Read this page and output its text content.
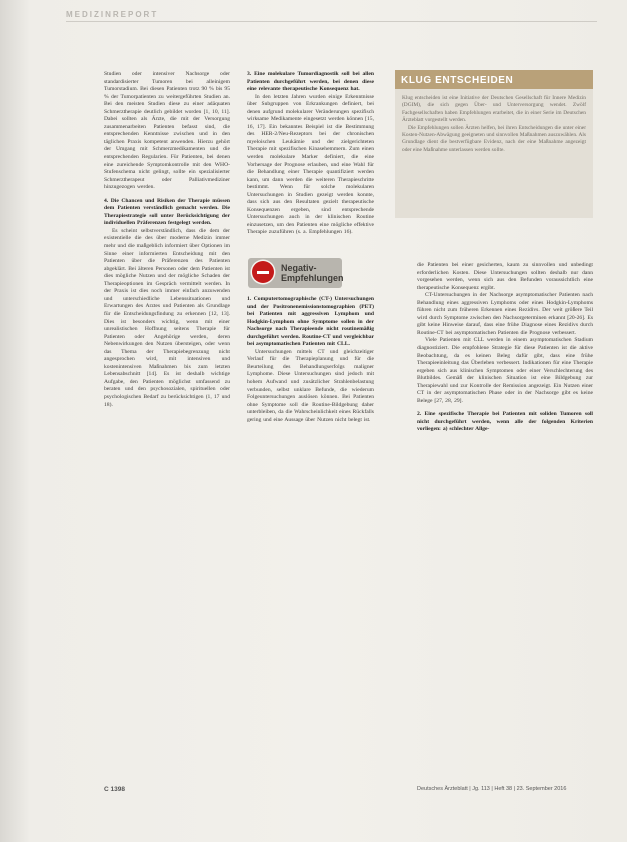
MEDIZINREPORT

Studien oder intensiver Nachsorge oder standardisierter Tumoren bei alleinigem Tumorstadium. Bei diesen Patienten trotz 90 % bis 95 % der Tumorpatienten zu weitergeführten Studien an. Bei den meisten Studien diese zu einer adäquaten Schmerztherapie deutlich gebildet worden [1, 10, 11]. Dabei sollten als Ärzte, die mit der Versorgung zusammenarbeiten Patienten befasst sind, die entsprechenden Kenntnisse zwischen und in den täglichen Praxis kompetent anwenden. Hierzu gehört der Umgang mit Schmerzmedikamenten und die entsprechenden Regularien. Für Patienten, bei denen eine zureichende Symptomkontrolle mit den WHO-Stufenschema nicht gelingt, sollte ein spezialisierter Schmerztherapeut oder Palliativmediziner hinzugezogen werden.

4. Die Chancen und Risiken der Therapie müssen dem Patienten verständlich gemacht werden. Die Therapiestrategie soll unter Berücksichtigung der individuellen Präferenzen festgelegt werden.

Es scheint selbstverständlich, dass die dem der existentielle die des über moderne Medizin immer mehr und die maßgeblich informiert über Optionen im Sinne einer informierten Entscheidung mit den Patienten über die Präferenzen des Patienten abgeklärt. Bei älteren Personen oder dem Patienten ist dies mögliche Nutzen und der mögliche Schaden der Therapieoptionen im Gespräch vermittelt werden. In der Praxis ist dies noch immer einfach anzuwenden und unterschiedliche Lebenssituationen und Erwartungen des Arztes und Patienten als Grundlage für die Entscheidungsfindung zu erkennen [12, 13]. Dies ist besonders wichtig, wenn mit einer unrealistischen Hoffnung seitens Therapie für Patienten oder Angehörige werden, deren Nebenwirkungen den Nutzen übersteigen, oder wenn das Thema der Therapiebegrenzung nicht angesprochen wird, mit intensiven und kostenintensiven Maßnahmen bis zum letzten Lebensabschnitt [14]. Es ist deshalb wichtige Aufgabe, den Patienten möglichst umfassend zu beraten und den psychosozialen, spirituellen oder psychologischen Bedarf zu berücksichtigen (1, 17 und 18).

3. Eine molekulare Tumordiagnostik soll bei allen Patienten durchgeführt werden, bei denen diese eine relevante therapeutische Konsequenz hat.

In den letzten Jahren wurden einige Erkenntnisse über Subgruppen von Erkrankungen definiert, bei denen aufgrund molekularer Veränderungen spezifisch wirksame Medikamente eingesetzt werden können [15, 16, 17]. Ein bekanntes Beispiel ist die Bestimmung des HER-2/Neu-Rezeptors bei der chronischen myeloischen Leukämie und der zielgerichteten Therapie mit spezifischen Kinasehemmern. Zum einen werden molekulare Marker definiert, die eine Vorhersage der Prognose erlauben, und eine Wahl für die Behandlung einer Therapie quantifiziert werden kann, um dann werden die weiteren Therapieschritte bestimmt. Wenn für solche molekularen Untersuchungen in Studien gezeigt werden konnte, dass sich aus den Resultaten gezielt therapeutische Konsequenzen ergeben, sind entsprechende Untersuchungen auch in der klinischen Routine einzusetzen, um den Patienten eine mögliche effektive Therapie zuzuführen (s. a. Empfehlungen 16).

Negativ-
Empfehlungen

1. Computertomographische (CT-) Untersuchungen und der Positronenemissionstomographien (PET) bei Patienten mit aggressiven Lymphom und Hodgkin-Lymphom ohne Symptome sollen in der Nachsorge nach Therapieende nicht routinemäßig durchgeführt werden. Routine-CT und vergleichbar bei asymptomatischen Patienten mit CLL.

Untersuchungen mittels CT und gleichzeitiger Verlauf für die Therapieplanung und für die Beurteilung des Behandlungserfolgs maligner Lymphome. Diese Untersuchungen sind jedoch mit hohem Aufwand und zusätzlicher Strahlenbelastung verbunden, selbst unklare Befunde, die wiederum Folgeuntersuchungen auslösen können. Bei Patienten ohne Symptome soll die Routine-Bildgebung daher unterbleiben, da die Wahrscheinlichkeit eines Rückfalls gering und eine Aussage über Nutzen nicht belegt ist.

KLUG ENTSCHEIDEN

Klug entscheiden ist eine Initiative der Deutschen Gesellschaft für Innere Medizin (DGIM), die sich gegen Über- und Unterversorgung wendet. Zwölf Fachgesellschaften haben Empfehlungen erarbeitet, die in einer Serie im Deutschen Ärzteblatt vorgestellt werden.

Die Empfehlungen sollen Ärzten helfen, bei ihren Entscheidungen die unter einer Kosten-Nutzen-Abwägung geeigneten und sinnvollen Maßnahmen auszuwählen. Als Grundlage dient die bestverfügbare Evidenz, nach der eine Maßnahme angezeigt oder eine Maßnahme unterlassen werden sollte.

die Patienten bei einer gesicherten, kaum zu sinnvollen und unbedingt erforderlichen Kosten. Diese Untersuchungen sollten deshalb nur dann vorgesehen werden, wenn sich aus den Befunden voraussichtlich eine therapeutische Konsequenz ergibt.

CT-Untersuchungen in der Nachsorge asymptomatischer Patienten nach Behandlung eines aggressiven Lymphoms oder eines Hodgkin-Lymphoms führen nicht zum früheren Erkennen eines Rezidivs. Der weit größere Teil wird durch Symptome zwischen den Nachsorgeterminen erkannt [20-26]. Es gibt keine Hinweise darauf, dass eine frühe Diagnose eines Rezidivs durch Routine-CT bei asymptomatischen Patienten die Prognose verbessert.

Viele Patienten mit CLL werden in einem asymptomatischen Stadium diagnostiziert. Die empfohlene Strategie für diese Patienten ist die aktive Beobachtung, da es keinen Beleg dafür gibt, dass eine frühe Therapieeinleitung das Überleben verbessert. Indikationen für eine Therapie ergeben sich aus klinischen Symptomen oder einer Verschlechterung des Blutbildes. Gemäß der klinischen Situation ist eine Bildgebung zur Therapiewahl und zur Kontrolle der Remission angezeigt. Ein Nutzen einer CT in der asymptomatischen Phase oder in der Nachsorge gibt es keine Belege [27, 28, 29].

2. Eine spezifische Therapie bei Patienten mit soliden Tumoren soll nicht durchgeführt werden, wenn alle der folgenden Kriterien vorliegen: a) schlechter Allge-

C 1398	Deutsches Ärzteblatt | Jg. 113 | Heft 38 | 23. September 2016
